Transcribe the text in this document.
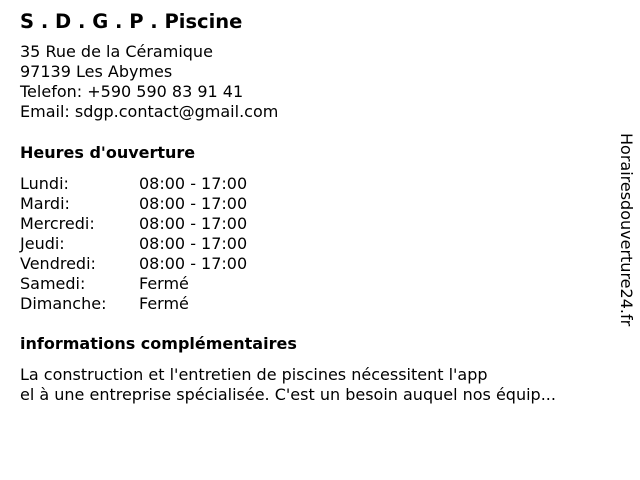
S . D . G . P . Piscine
35 Rue de la Céramique
97139 Les Abymes
Telefon: +590 590 83 91 41
Email: sdgp.contact@gmail.com
Heures d'ouverture
Lundi:	08:00 - 17:00
Mardi:	08:00 - 17:00
Mercredi:	08:00 - 17:00
Jeudi:	08:00 - 17:00
Vendredi:	08:00 - 17:00
Samedi:	Fermé
Dimanche:	Fermé
informations complémentaires
La construction et l'entretien de piscines nécessitent l'app
el à une entreprise spécialisée. C'est un besoin auquel nos équip...
Horairesdouverture24.fr
